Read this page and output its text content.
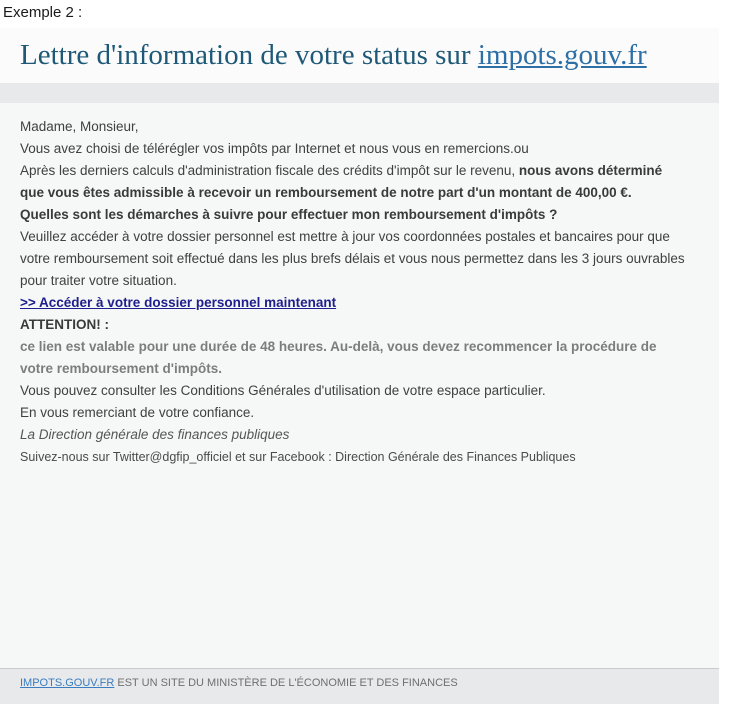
Exemple 2 :
Lettre d'information de votre status sur impots.gouv.fr

Madame, Monsieur,

Vous avez choisi de télérégler vos impôts par Internet et nous vous en remercions.ou

Après les derniers calculs d'administration fiscale des crédits d'impôt sur le revenu, nous avons déterminé que vous êtes admissible à recevoir un remboursement de notre part d'un montant de 400,00 €.

Quelles sont les démarches à suivre pour effectuer mon remboursement d'impôts ?

Veuillez accéder à votre dossier personnel est mettre à jour vos coordonnées postales et bancaires pour que votre remboursement soit effectué dans les plus brefs délais et vous nous permettez dans les 3 jours ouvrables pour traiter votre situation.

>> Accéder à votre dossier personnel maintenant

ATTENTION! :
ce lien est valable pour une durée de 48 heures. Au-delà, vous devez recommencer la procédure de votre remboursement d'impôts.

Vous pouvez consulter les Conditions Générales d'utilisation de votre espace particulier.

En vous remerciant de votre confiance.

La Direction générale des finances publiques

Suivez-nous sur Twitter@dgfip_officiel et sur Facebook : Direction Générale des Finances Publiques

IMPOTS.GOUV.FR EST UN SITE DU MINISTÈRE DE L'ÉCONOMIE ET DES FINANCES
